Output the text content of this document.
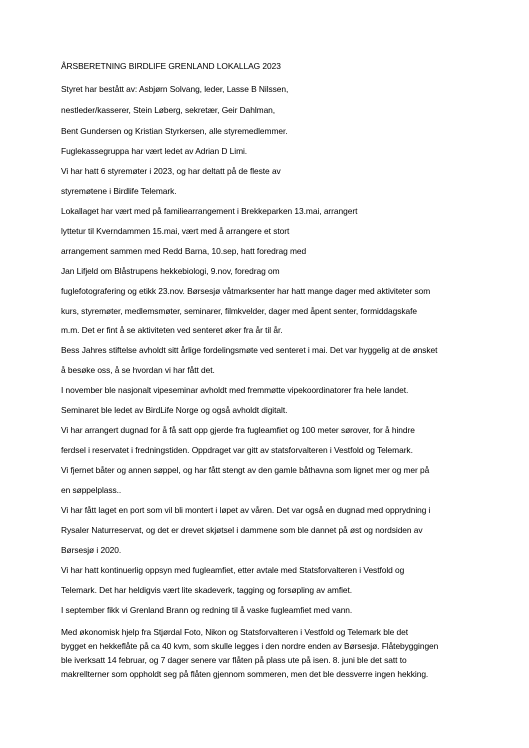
ÅRSBERETNING BIRDLIFE GRENLAND LOKALLAG 2023
Styret har bestått av: Asbjørn Solvang, leder, Lasse B Nilssen,
nestleder/kasserer, Stein Løberg, sekretær, Geir Dahlman,
Bent Gundersen og Kristian Styrkersen, alle styremedlemmer.
Fuglekassegruppa har vært ledet av Adrian D Limi.
Vi har hatt 6 styremøter i 2023, og har deltatt på de fleste av
styremøtene i Birdlife Telemark.
Lokallaget har vært med på familiearrangement i Brekkeparken 13.mai, arrangert
lyttetur til Kverndammen 15.mai, vært med å arrangere et stort
arrangement sammen med Redd Barna, 10.sep, hatt foredrag med
Jan Lifjeld om Blåstrupens hekkebiologi, 9.nov, foredrag om
fuglefotografering og etikk 23.nov. Børsesjø våtmarksenter har hatt mange dager med aktiviteter som
kurs, styremøter, medlemsmøter, seminarer, filmkvelder, dager med åpent senter, formiddagskafe
m.m. Det er fint å se aktiviteten ved senteret øker fra år til år.
Bess Jahres stiftelse avholdt sitt årlige fordelingsmøte ved senteret i mai. Det var hyggelig at de ønsket
å besøke oss, å se hvordan vi har fått det.
I november ble nasjonalt vipeseminar avholdt med fremmøtte vipekoordinatorer fra hele landet.
Seminaret ble ledet av BirdLife Norge og også avholdt digitalt.
Vi har arrangert dugnad for å få satt opp gjerde fra fugleamfiet og 100 meter sørover, for å hindre
ferdsel i reservatet i fredningstiden. Oppdraget var gitt av statsforvalteren i Vestfold og Telemark.
Vi fjernet båter og annen søppel, og har fått stengt av den gamle båthavna som lignet mer og mer på
en søppelplass..
Vi har fått laget en port som vil bli montert i løpet av våren. Det var også en dugnad med opprydning i
Rysaler Naturreservat, og det er drevet skjøtsel i dammene som ble dannet på øst og nordsiden av
Børsesjø i 2020.
Vi har hatt kontinuerlig oppsyn med fugleamfiet, etter avtale med Statsforvalteren i Vestfold og
Telemark. Det har heldigvis vært lite skadeverk, tagging og forsøpling av amfiet.
I september fikk vi Grenland Brann og redning til å vaske fugleamfiet med vann.
Med økonomisk hjelp fra Stjørdal Foto, Nikon og Statsforvalteren i Vestfold og Telemark ble det
bygget en hekkeflåte på ca 40 kvm, som skulle legges i den nordre enden av Børsesjø. Flåtebyggingen
ble iverksatt 14 februar, og 7 dager senere var flåten på plass ute på isen. 8. juni ble det satt to
makrellterner som oppholdt seg på flåten gjennom sommeren, men det ble dessverre ingen hekking.
